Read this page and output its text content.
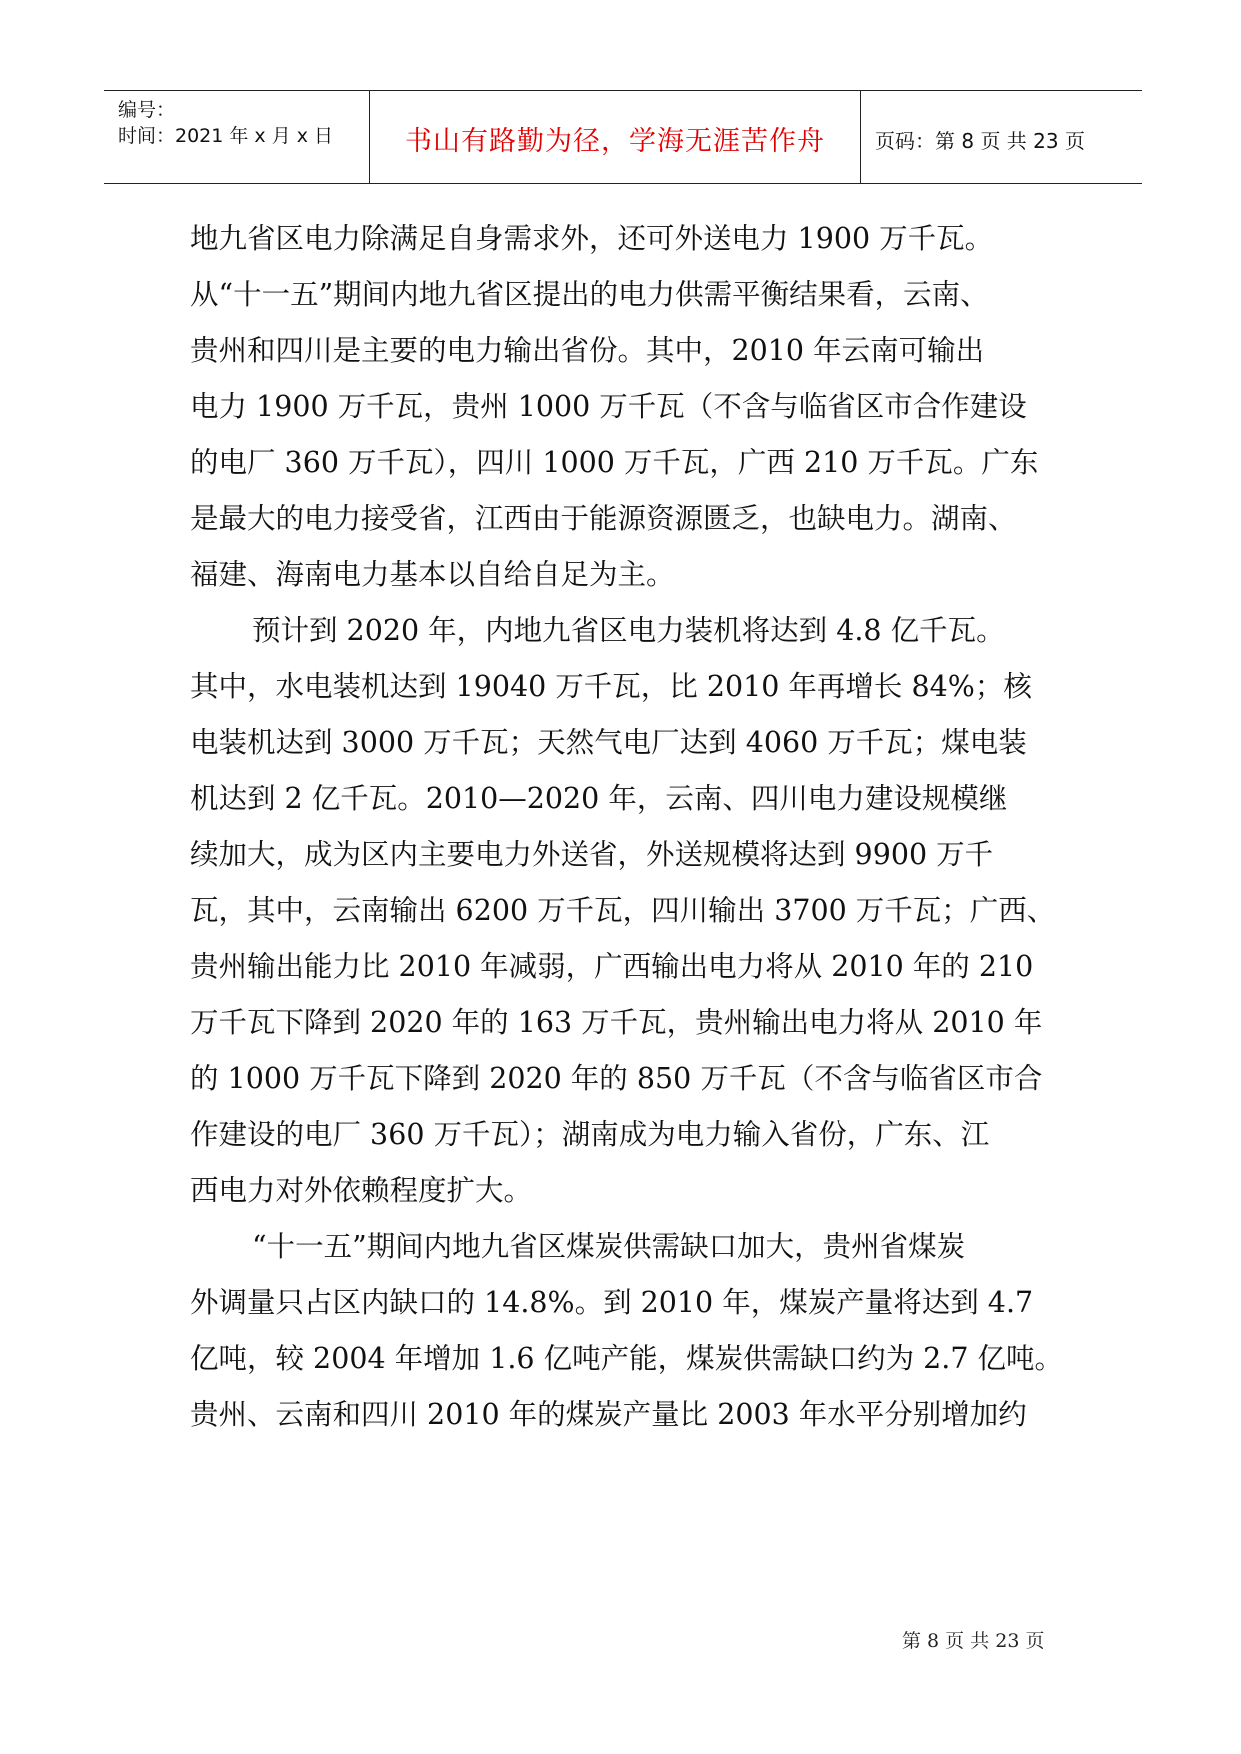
编号：
时间：2021 年 x 月 x 日	书山有路勤为径，学海无涯苦作舟	页码：第 8 页 共 23 页
地九省区电力除满足自身需求外，还可外送电力 1900 万千瓦。
从“十一五”期间内地九省区提出的电力供需平衡结果看，云南、
贵州和四川是主要的电力输出省份。其中，2010 年云南可输出
电力 1900 万千瓦，贵州 1000 万千瓦（不含与临省区市合作建设
的电厂 360 万千瓦），四川 1000 万千瓦，广西 210 万千瓦。广东
是最大的电力接受省，江西由于能源资源匮乏，也缺电力。湖南、
福建、海南电力基本以自给自足为主。
预计到 2020 年，内地九省区电力装机将达到 4.8 亿千瓦。
其中，水电装机达到 19040 万千瓦，比 2010 年再增长 84%；核
电装机达到 3000 万千瓦；天然气电厂达到 4060 万千瓦；煤电装
机达到 2 亿千瓦。2010—2020 年，云南、四川电力建设规模继
续加大，成为区内主要电力外送省，外送规模将达到 9900 万千
瓦，其中，云南输出 6200 万千瓦，四川输出 3700 万千瓦；广西、
贵州输出能力比 2010 年减弱，广西输出电力将从 2010 年的 210
万千瓦下降到 2020 年的 163 万千瓦，贵州输出电力将从 2010 年
的 1000 万千瓦下降到 2020 年的 850 万千瓦（不含与临省区市合
作建设的电厂 360 万千瓦）；湖南成为电力输入省份，广东、江
西电力对外依赖程度扩大。
“十一五”期间内地九省区煤炭供需缺口加大，贵州省煤炭
外调量只占区内缺口的 14.8%。到 2010 年，煤炭产量将达到 4.7
亿吨，较 2004 年增加 1.6 亿吨产能，煤炭供需缺口约为 2.7 亿吨。
贵州、云南和四川 2010 年的煤炭产量比 2003 年水平分别增加约
第 8 页 共 23 页
